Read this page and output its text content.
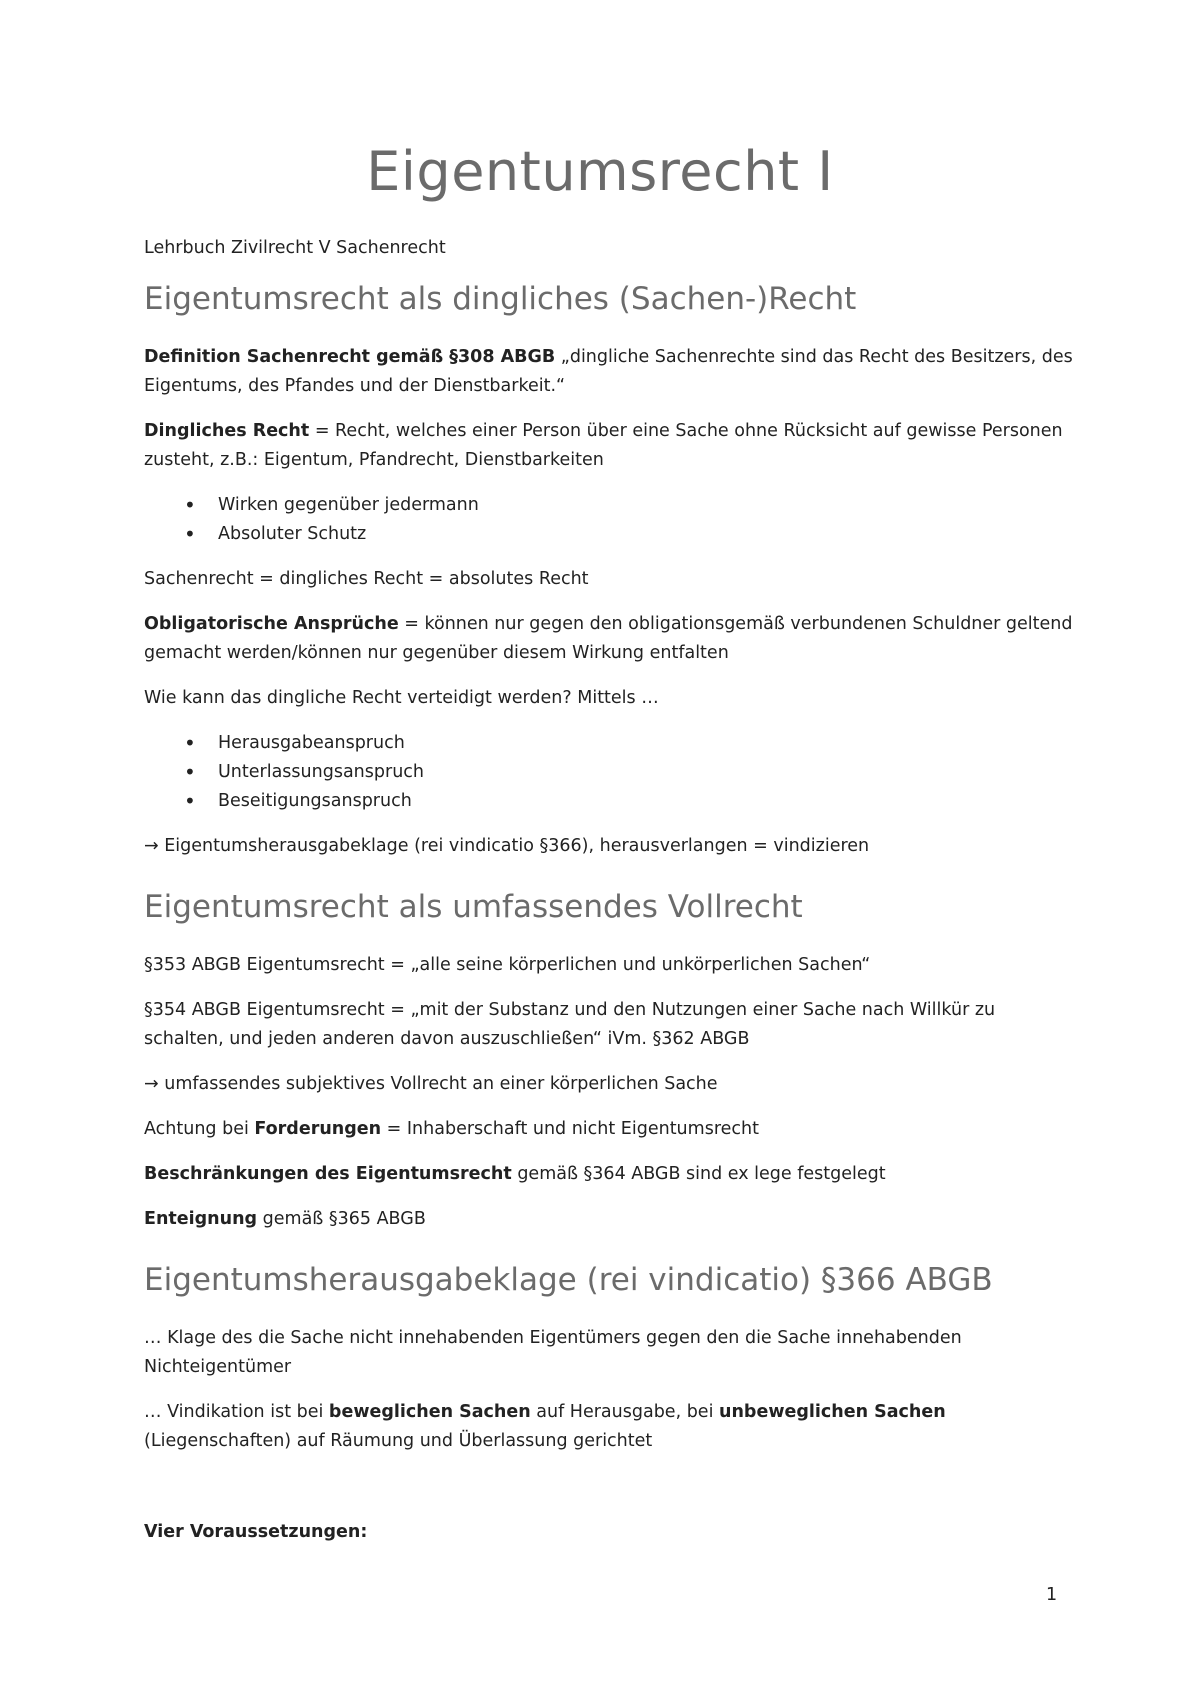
Eigentumsrecht I

Lehrbuch Zivilrecht V Sachenrecht

Eigentumsrecht als dingliches (Sachen-)Recht

Definition Sachenrecht gemäß §308 ABGB „dingliche Sachenrechte sind das Recht des Besitzers, des Eigentums, des Pfandes und der Dienstbarkeit.“

Dingliches Recht = Recht, welches einer Person über eine Sache ohne Rücksicht auf gewisse Personen zusteht, z.B.: Eigentum, Pfandrecht, Dienstbarkeiten

• Wirken gegenüber jedermann
• Absoluter Schutz

Sachenrecht = dingliches Recht = absolutes Recht

Obligatorische Ansprüche = können nur gegen den obligationsgemäß verbundenen Schuldner geltend gemacht werden/können nur gegenüber diesem Wirkung entfalten

Wie kann das dingliche Recht verteidigt werden? Mittels …

• Herausgabeanspruch
• Unterlassungsanspruch
• Beseitigungsanspruch

→ Eigentumsherausgabeklage (rei vindicatio §366), herausverlangen = vindizieren

Eigentumsrecht als umfassendes Vollrecht

§353 ABGB Eigentumsrecht = „alle seine körperlichen und unkörperlichen Sachen“

§354 ABGB Eigentumsrecht = „mit der Substanz und den Nutzungen einer Sache nach Willkür zu schalten, und jeden anderen davon auszuschließen“ iVm. §362 ABGB

→ umfassendes subjektives Vollrecht an einer körperlichen Sache

Achtung bei Forderungen = Inhaberschaft und nicht Eigentumsrecht

Beschränkungen des Eigentumsrecht gemäß §364 ABGB sind ex lege festgelegt

Enteignung gemäß §365 ABGB

Eigentumsherausgabeklage (rei vindicatio) §366 ABGB

… Klage des die Sache nicht innehabenden Eigentümers gegen den die Sache innehabenden Nichteigentümer

… Vindikation ist bei beweglichen Sachen auf Herausgabe, bei unbeweglichen Sachen (Liegenschaften) auf Räumung und Überlassung gerichtet

Vier Voraussetzungen:

1
